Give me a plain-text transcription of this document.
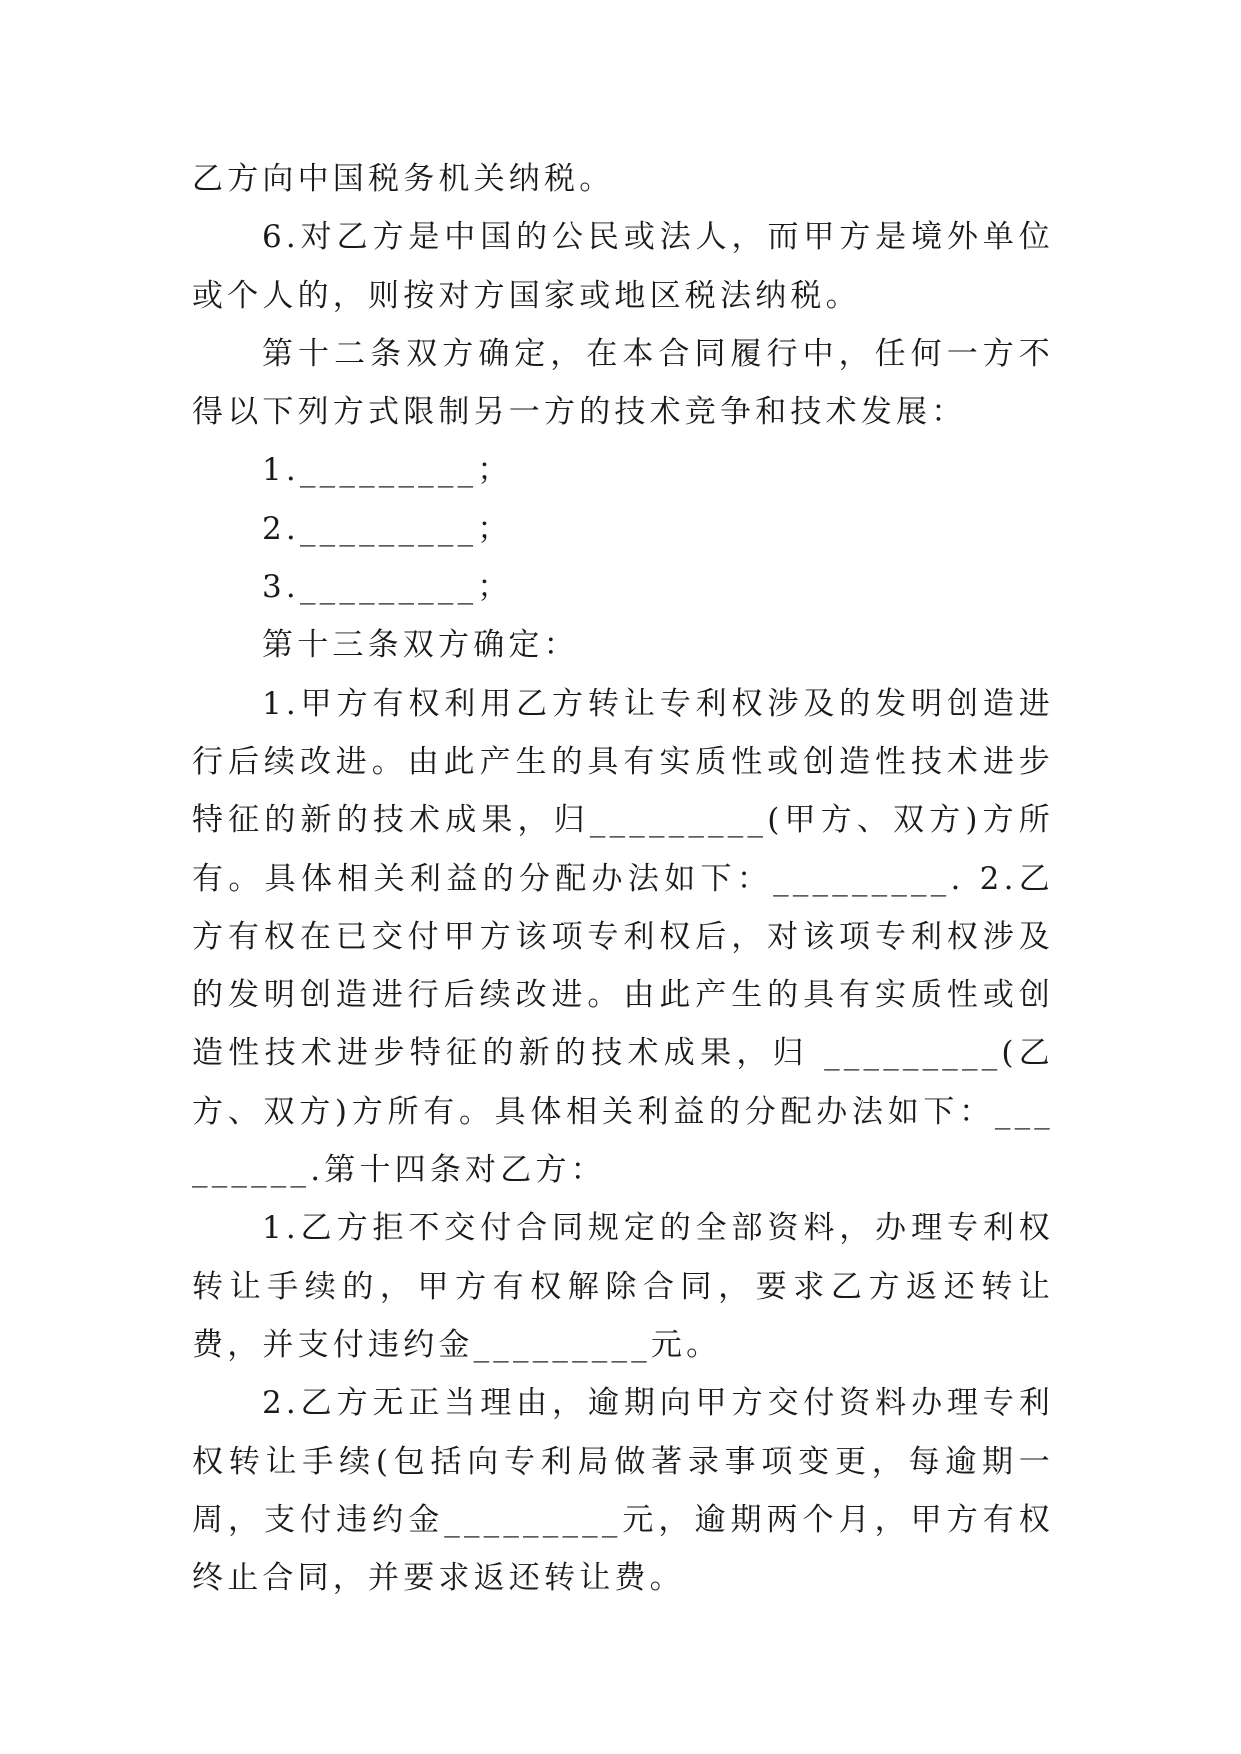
乙方向中国税务机关纳税。

6.对乙方是中国的公民或法人，而甲方是境外单位或个人的，则按对方国家或地区税法纳税。

第十二条双方确定，在本合同履行中，任何一方不得以下列方式限制另一方的技术竞争和技术发展：

1._________；

2._________；

3._________；

第十三条双方确定：

1.甲方有权利用乙方转让专利权涉及的发明创造进行后续改进。由此产生的具有实质性或创造性技术进步特征的新的技术成果，归_________(甲方、双方)方所有。具体相关利益的分配办法如下：_________. 2.乙方有权在已交付甲方该项专利权后，对该项专利权涉及的发明创造进行后续改进。由此产生的具有实质性或创造性技术进步特征的新的技术成果，归 _________(乙方、双方)方所有。具体相关利益的分配办法如下：_________.第十四条对乙方：

1.乙方拒不交付合同规定的全部资料，办理专利权转让手续的，甲方有权解除合同，要求乙方返还转让费，并支付违约金_________元。

2.乙方无正当理由，逾期向甲方交付资料办理专利权转让手续(包括向专利局做著录事项变更，每逾期一周，支付违约金_________元，逾期两个月，甲方有权终止合同，并要求返还转让费。
